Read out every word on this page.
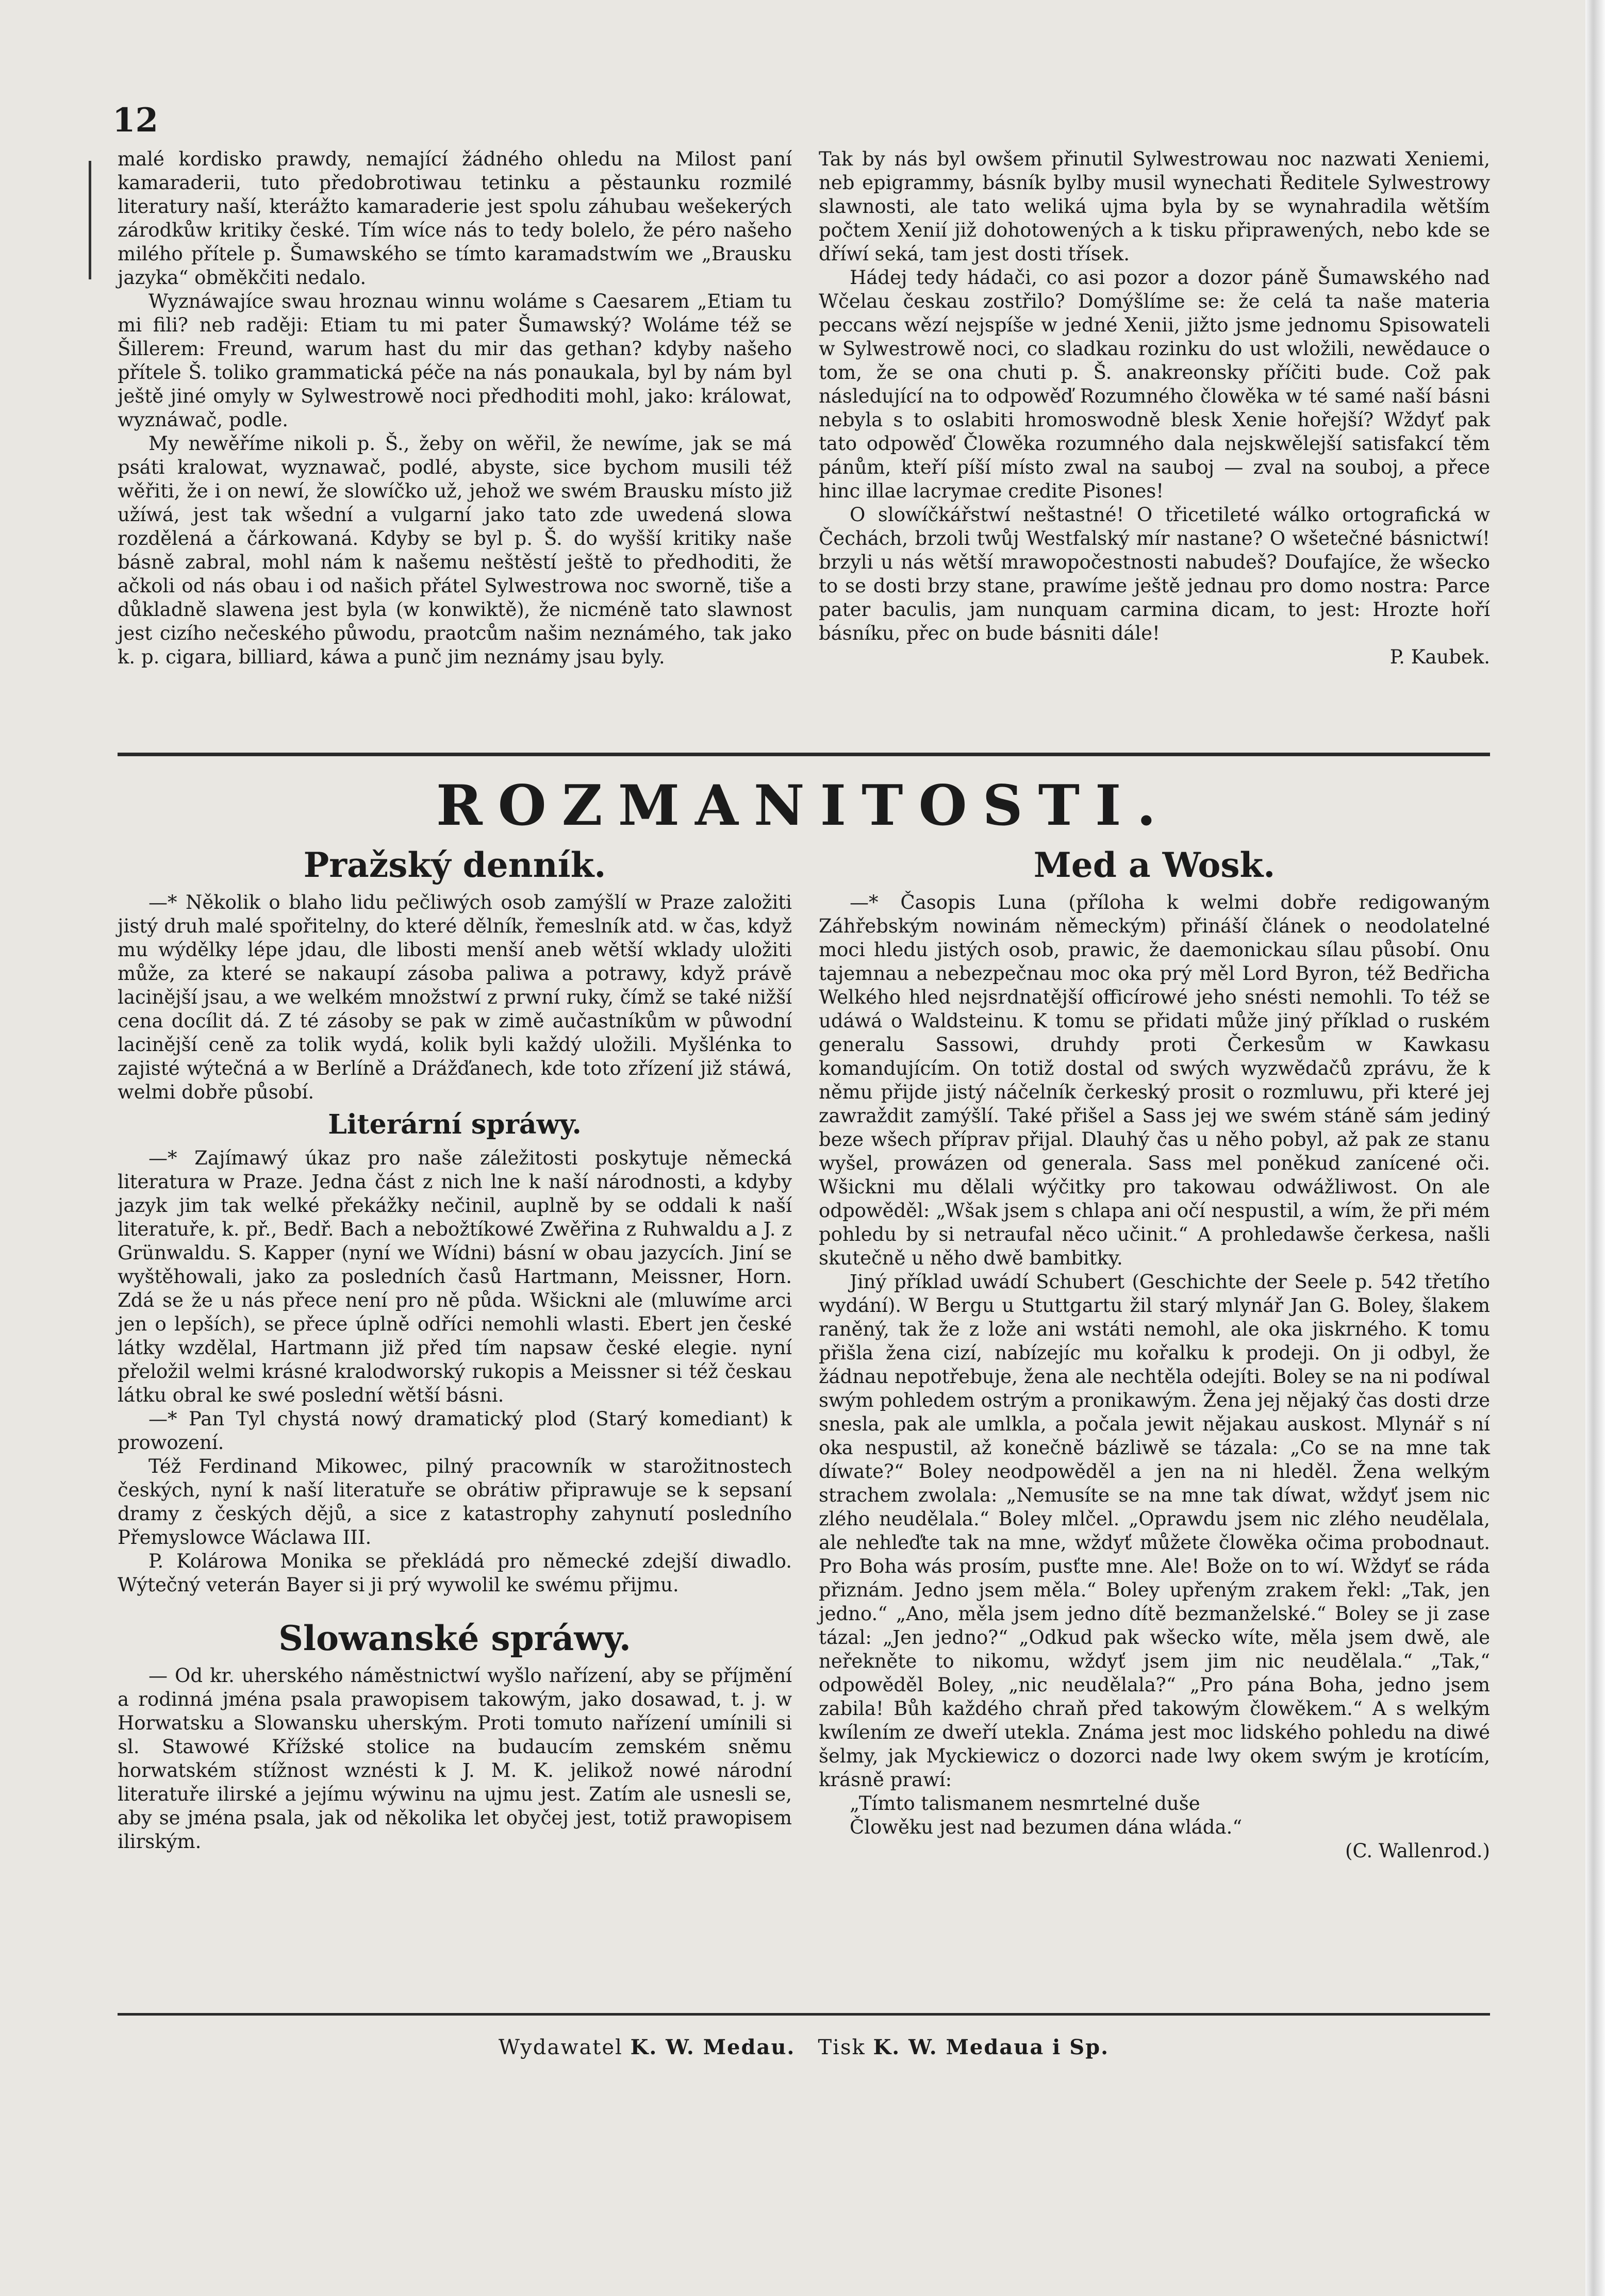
12

malé kordisko prawdy, nemající žádného ohledu na Milost paní kamaraderii, tuto předobrotiwau tetinku a pěstaunku rozmilé literatury naší, kterážto kamaraderie jest spolu záhubau wešekerých zárodkůw kritiky české. Tím wíce nás to tedy bolelo, že péro našeho milého přítele p. Šumawského se tímto karamadstwím we „Brausku jazyka“ obměkčiti nedalo.

Wyznáwajíce swau hroznau winnu woláme s Caesarem „Etiam tu mi fili? neb raději: Etiam tu mi pater Šumawský? Woláme též se Šillerem: Freund, warum hast du mir das gethan? kdyby našeho přítele Š. toliko grammatická péče na nás ponaukala, byl by nám byl ještě jiné omyly w Sylwestrowě noci předhoditi mohl, jako: králowat, wyznáwač, podle.

My newěříme nikoli p. Š., žeby on wěřil, že newíme, jak se má psáti kralowat, wyznawač, podlé, abyste, sice bychom musili též wěřiti, že i on newí, že slowíčko už, jehož we swém Brausku místo již užíwá, jest tak wšední a vulgarní jako tato zde uwedená slowa rozdělená a čárkowaná. Kdyby se byl p. Š. do wyšší kritiky naše básně zabral, mohl nám k našemu neštěstí ještě to předhoditi, že ačkoli od nás obau i od našich přátel Sylwestrowa noc sworně, tiše a důkladně slawena jest byla (w konwiktě), že nicméně tato slawnost jest cizího nečeského půwodu, praotcům našim neznámého, tak jako k. p. cigara, billiard, káwa a punč jim neznámy jsau byly.

Tak by nás byl owšem přinutil Sylwestrowau noc nazwati Xeniemi, neb epigrammy, básník bylby musil wynechati Ředitele Sylwestrowy slawnosti, ale tato weliká ujma byla by se wynahradila wětším počtem Xenií již dohotowených a k tisku připrawených, nebo kde se dříwí seká, tam jest dosti třísek.

Hádej tedy hádači, co asi pozor a dozor páně Šumawského nad Wčelau českau zostřilo? Domýšlíme se: že celá ta naše materia peccans wězí nejspíše w jedné Xenii, jižto jsme jednomu Spisowateli w Sylwestrowě noci, co sladkau rozinku do ust wložili, newědauce o tom, že se ona chuti p. Š. anakreonsky příčiti bude. Což pak následující na to odpowěď Rozumného člowěka w té samé naší básni nebyla s to oslabiti hromoswodně blesk Xenie hořejší? Wždyť pak tato odpowěď Člowěka rozumného dala nejskwělejší satisfakcí těm pánům, kteří píší místo zwal na saubој — zval na souboj, a přece hinc illae lacrymae credite Pisones!

O slowíčkářstwí neštastné! O třicetileté wálko ortografická w Čechách, brzoli twůj Westfalský mír nastane? O wšetečné básnictwí! brzyli u nás wětší mrawopočestnosti nabudeš? Doufajíce, že wšecko to se dosti brzy stane, prawíme ještě jednau pro domo nostra: Parce pater baculis, jam nunquam carmina dicam, to jest: Hrozte hoří básníku, přec on bude básniti dále!

P. Kaubek.
ROZMANITOSTI.
Pražský denník.

—* Několik o blaho lidu pečliwých osob zamýšlí w Praze založiti jistý druh malé spořitelny, do které dělník, řemeslník atd. w čas, když mu wýdělky lépe jdau, dle libosti menší aneb wětší wklady uložiti může, za které se nakaupí zásoba paliwa a potrawy, když právě lacinější jsau, a we welkém množstwí z prwní ruky, čímž se také nižší cena docílit dá. Z té zásoby se pak w zimě aučastníkům w půwodní lacinější ceně za tolik wydá, kolik byli každý uložili. Myšlénka to zajisté wýtečná a w Berlíně a Drážďanech, kde toto zřízení již stáwá, welmi dobře působí.

Literární spráwy.

—* Zajímawý úkaz pro naše záležitosti poskytuje německá literatura w Praze. Jedna část z nich lne k naší národnosti, a kdyby jazyk jim tak welké překážky nečinil, auplně by se oddali k naší literatuře, k. př., Bedř. Bach a nebožtíkowé Zwěřina z Ruhwaldu a J. z Grünwaldu. S. Kapper (nyní we Wídni) básní w obau jazycích. Jiní se wyštěhowali, jako za posledních časů Hartmann, Meissner, Horn. Zdá se že u nás přece není pro ně půda. Wšickni ale (mluwíme arci jen o lepších), se přece úplně odříci nemohli wlasti. Ebert jen české látky wzdělal, Hartmann již před tím napsaw české elegie. nyní přeložil welmi krásné kralodworský rukopis a Meissner si též českau látku obral ke swé poslední wětší básni.

—* Pan Tyl chystá nowý dramatický plod (Starý komediant) k prowození.

Též Ferdinand Mikowec, pilný pracowník w starožitnostech českých, nyní k naší literatuře se obrátiw připrawuje se k sepsaní dramy z českých dějů, a sice z katastrophy zahynutí posledního Přemyslowce Wáclawa III.

P. Kolárowa Monika se překládá pro německé zdejší diwadlo. Wýtečný veterán Bayer si ji prý wywolil ke swému přijmu.

Slowanské spráwy.

— Od kr. uherského náměstnictwí wyšlo nařízení, aby se příjmění a rodinná jména psala prawopisem takowým, jako dosawad, t. j. w Horwatsku a Slowansku uherským. Proti tomuto nařízení umínili si sl. Stawowé Křížské stolice na budaucím zemském sněmu horwatském stížnost wznésti k J. M. K. jelikož nowé národní literatuře ilirské a jejímu wýwinu na ujmu jest. Zatím ale usnesli se, aby se jména psala, jak od několika let obyčej jest, totiž prawopisem ilirským.

Med a Wosk.

—* Časopis Luna (příloha k welmi dobře redigowaným Záhřebským nowinám německým) přináší článek o neodolatelné moci hledu jistých osob, prawic, že daemonickau sílau působí. Onu tajemnau a nebezpečnau moc oka prý měl Lord Byron, též Bedřicha Welkého hled nejsrdnatější officírowé jeho snésti nemohli. To též se udáwá o Waldsteinu. K tomu se přidati může jiný příklad o ruském generalu Sassowi, druhdy proti Čerkesům w Kawkasu komandujícím. On totiž dostal od swých wyzwědačů zprávu, že k němu přijde jistý náčelník čerkeský prosit o rozmluwu, při které jej zawraždit zamýšlí. Také přišel a Sass jej we swém stáně sám jediný beze wšech příprav přijal. Dlauhý čas u něho pobyl, až pak ze stanu wyšel, prowázen od generala. Sass mel poněkud zanícené oči. Wšickni mu dělali wýčitky pro takowau odwážliwost. On ale odpowěděl: „Wšak jsem s chlapa ani očí nespustil, a wím, že při mém pohledu by si netraufal něco učinit.“ A prohledawše čerkesa, našli skutečně u něho dwě bambitky.

Jiný příklad uwádí Schubert (Geschichte der Seele p. 542 třetího wydání). W Bergu u Stuttgartu žil starý mlynář Jan G. Boley, šlakem raněný, tak že z lože ani wstáti nemohl, ale oka jiskrného. K tomu přišla žena cizí, nabízejíc mu kořalku k prodeji. On ji odbyl, že žádnau nepotřebuje, žena ale nechtěla odejíti. Boley se na ni podíwal swým pohledem ostrým a pronikawým. Žena jej nějaký čas dosti drze snesla, pak ale umlkla, a počala jewit nějakau auskost. Mlynář s ní oka nespustil, až konečně bázliwě se tázala: „Co se na mne tak díwate?“ Boley neodpowěděl a jen na ni hleděl. Žena welkým strachem zwolala: „Nemusíte se na mne tak díwat, wždyť jsem nic zlého neudělala.“ Boley mlčel. „Oprawdu jsem nic zlého neudělala, ale nehleďte tak na mne, wždyť můžete člowěka očima probodnaut. Pro Boha wás prosím, pusťte mne. Ale! Bože on to wí. Wždyť se ráda přiznám. Jedno jsem měla.“ Boley upřeným zrakem řekl: „Tak, jen jedno.“ „Ano, měla jsem jedno dítě bezmanželské.“ Boley se ji zase tázal: „Jen jedno?“ „Odkud pak wšecko wíte, měla jsem dwě, ale neřekněte to nikomu, wždyť jsem jim nic neudělala.“ „Tak,“ odpowěděl Boley, „nic neudělala?“ „Pro pána Boha, jedno jsem zabila! Bůh každého chraň před takowým člowěkem.“ A s welkým kwílením ze dweří utekla. Známa jest moc lidského pohledu na diwé šelmy, jak Myckiewicz o dozorci nade lwy okem swým je krotícím, krásně prawí:

„Tímto talismanem nesmrtelné duše

Člowěku jest nad bezumen dána wláda.“

(C. Wallenrod.)
Wydawatel K. W. Medau. Tisk K. W. Medaua i Sp.
